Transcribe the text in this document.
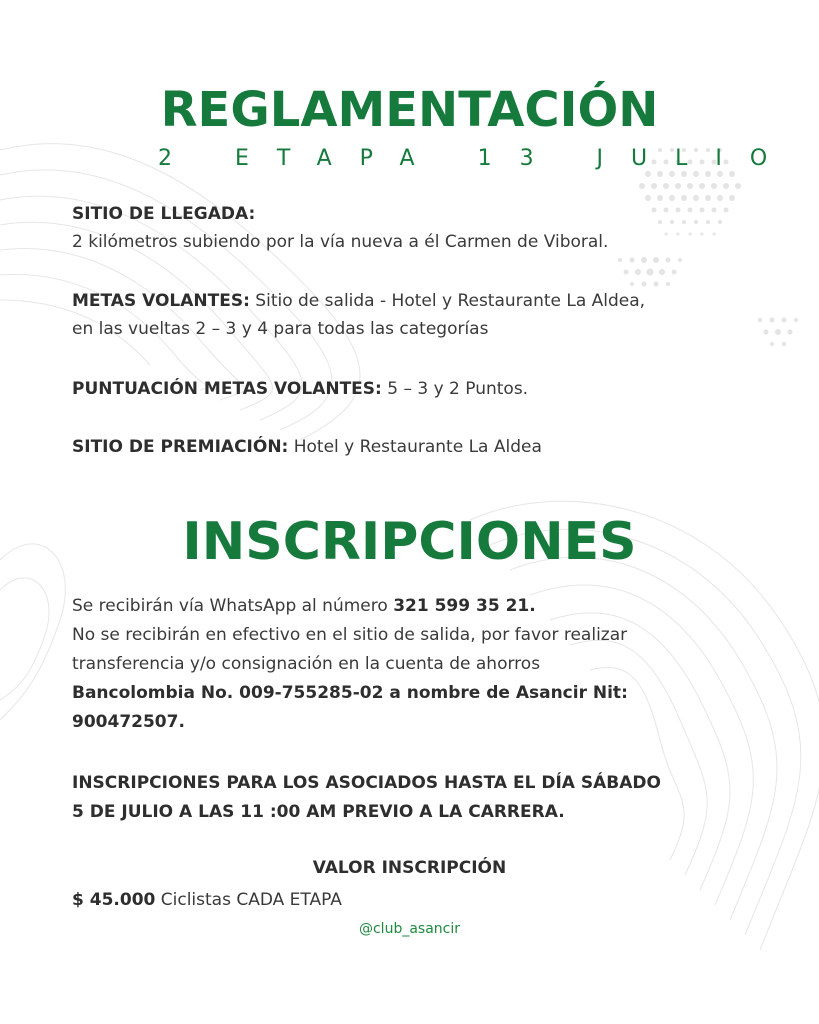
REGLAMENTACIÓN
2 ETAPA 13 JULIO
SITIO DE LLEGADA:
2 kilómetros subiendo por la vía nueva a él Carmen de Viboral.
METAS VOLANTES: Sitio de salida - Hotel y Restaurante La Aldea,
en las vueltas 2 – 3 y 4 para todas las categorías
PUNTUACIÓN METAS VOLANTES: 5 – 3 y 2 Puntos.
SITIO DE PREMIACIÓN: Hotel y Restaurante La Aldea
INSCRIPCIONES
Se recibirán vía WhatsApp al número 321 599 35 21.
No se recibirán en efectivo en el sitio de salida, por favor realizar
transferencia y/o consignación en la cuenta de ahorros
Bancolombia No. 009-755285-02 a nombre de Asancir Nit:
900472507.
INSCRIPCIONES PARA LOS ASOCIADOS HASTA EL DÍA SÁBADO
5 DE JULIO A LAS 11 :00 AM PREVIO A LA CARRERA.
VALOR INSCRIPCIÓN
$ 45.000 Ciclistas CADA ETAPA
@club_asancir
